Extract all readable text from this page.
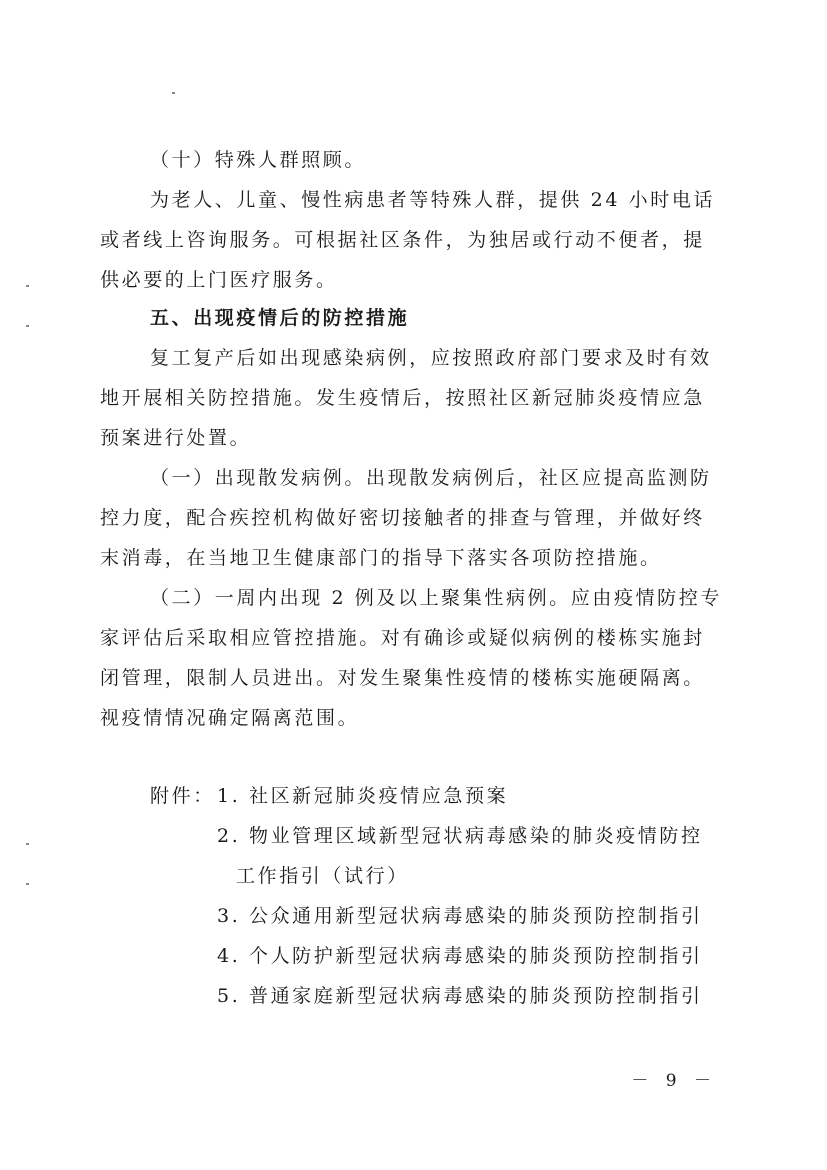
（十）特殊人群照顾。
为老人、儿童、慢性病患者等特殊人群，提供 24 小时电话
或者线上咨询服务。可根据社区条件，为独居或行动不便者，提
供必要的上门医疗服务。
五、出现疫情后的防控措施
复工复产后如出现感染病例，应按照政府部门要求及时有效
地开展相关防控措施。发生疫情后，按照社区新冠肺炎疫情应急
预案进行处置。
（一）出现散发病例。出现散发病例后，社区应提高监测防
控力度，配合疾控机构做好密切接触者的排查与管理，并做好终
末消毒，在当地卫生健康部门的指导下落实各项防控措施。
（二）一周内出现 2 例及以上聚集性病例。应由疫情防控专
家评估后采取相应管控措施。对有确诊或疑似病例的楼栋实施封
闭管理，限制人员进出。对发生聚集性疫情的楼栋实施硬隔离。
视疫情情况确定隔离范围。
附件： 1. 社区新冠肺炎疫情应急预案
2. 物业管理区域新型冠状病毒感染的肺炎疫情防控
工作指引（试行）
3. 公众通用新型冠状病毒感染的肺炎预防控制指引
4. 个人防护新型冠状病毒感染的肺炎预防控制指引
5. 普通家庭新型冠状病毒感染的肺炎预防控制指引
－ 9 －
